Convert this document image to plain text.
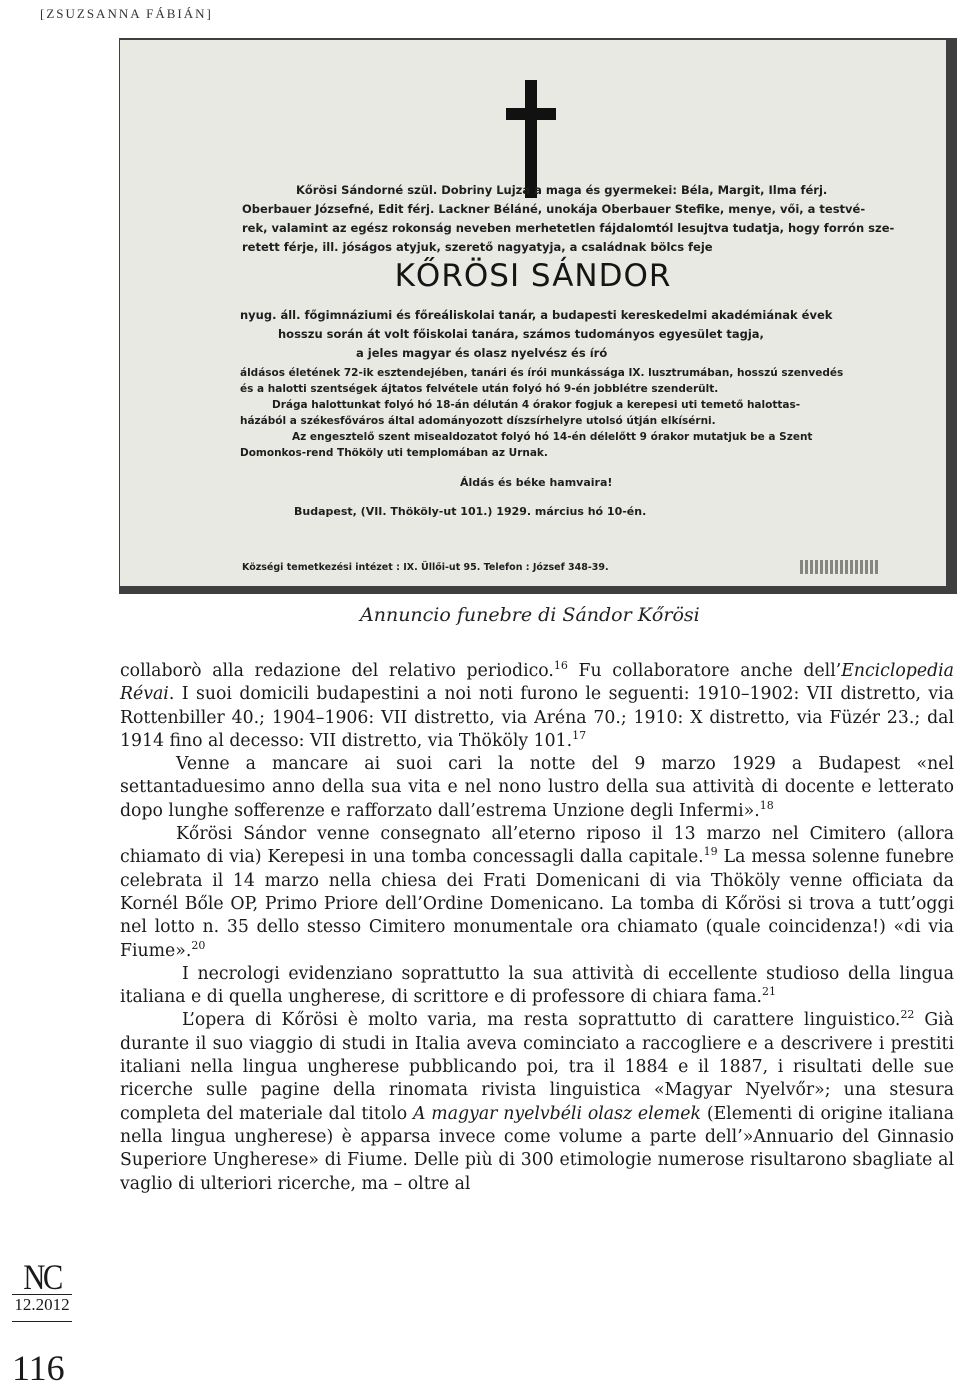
[ZSUZSANNA FÁBIÁN]
Kőrösi Sándorné szül. Dobriny Lujza a maga és gyermekei: Béla, Margit, Ilma férj.
Oberbauer Józsefné, Edit férj. Lackner Béláné, unokája Oberbauer Stefike, menye, vői, a testvé-
rek, valamint az egész rokonság neveben merhetetlen fájdalomtól lesujtva tudatja, hogy forrón sze-
retett férje, ill. jóságos atyjuk, szerető nagyatyja, a családnak bölcs feje
KŐRÖSI SÁNDOR
nyug. áll. főgimnáziumi és főreáliskolai tanár, a budapesti kereskedelmi akadémiának évek
hosszu során át volt főiskolai tanára, számos tudományos egyesület tagja,
a jeles magyar és olasz nyelvész és író
áldásos életének 72-ik esztendejében, tanári és írói munkássága IX. lusztrumában, hosszú szenvedés
és a halotti szentségek ájtatos felvétele után folyó hó 9-én jobblétre szenderült.
Drága halottunkat folyó hó 18-án délután 4 órakor fogjuk a kerepesi uti temető halottas-
házából a székesfőváros által adományozott díszsírhelyre utolsó útján elkísérni.
Az engesztelő szent misealdozatot folyó hó 14-én délelőtt 9 órakor mutatjuk be a Szent
Domonkos-rend Thököly uti templomában az Urnak.
Áldás és béke hamvaira!
Budapest, (VII. Thököly-ut 101.) 1929. március hó 10-én.
Községi temetkezési intézet : IX. Üllői-ut 95. Telefon : József 348-39.
Annuncio funebre di Sándor Kőrösi

collaborò alla redazione del relativo periodico.$^{16}$ Fu collaboratore anche dell’Enciclopedia Révai. I suoi domicili budapestini a noi noti furono le seguenti: 1910–1902: VII distretto, via Rottenbiller 40.; 1904–1906: VII distretto, via Aréna 70.; 1910: X distretto, via Füzér 23.; dal 1914 fino al decesso: VII distretto, via Thököly 101.17

Venne a mancare ai suoi cari la notte del 9 marzo 1929 a Budapest «nel settantaduesimo anno della sua vita e nel nono lustro della sua attività di docente e letterato dopo lunghe sofferenze e rafforzato dall’estrema Unzione degli Infermi».$^{18}$

Kőrösi Sándor venne consegnato all’eterno riposo il 13 marzo nel Cimitero (allora chiamato di via) Kerepesi in una tomba concessagli dalla capitale.$^{19}$ La messa solenne funebre celebrata il 14 marzo nella chiesa dei Frati Domenicani di via Thököly venne officiata da Kornél Bőle OP, Primo Priore dell’Ordine Domenicano. La tomba di Kőrösi si trova a tutt’oggi nel lotto n. 35 dello stesso Cimitero monumentale ora chiamato (quale coincidenza!) «di via Fiume».$^{20}$

I necrologi evidenziano soprattutto la sua attività di eccellente studioso della lingua italiana e di quella ungherese, di scrittore e di professore di chiara fama.$^{21}$

L’opera di Kőrösi è molto varia, ma resta soprattutto di carattere linguistico.$^{22}$ Già durante il suo viaggio di studi in Italia aveva cominciato a raccogliere e a descrivere i prestiti italiani nella lingua ungherese pubblicando poi, tra il 1884 e il 1887, i risultati delle sue ricerche sulle pagine della rinomata rivista linguistica «Magyar Nyelvőr»; una stesura completa del materiale dal titolo A magyar nyelvbéli olasz elemek (Elementi di origine italiana nella lingua ungherese) è apparsa invece come volume a parte dell’»Annuario del Ginnasio Superiore Ungherese» di Fiume. Delle più di 300 etimologie numerose risultarono sbagliate al vaglio di ulteriori ricerche, ma – oltre al

NC
12.2012
116
